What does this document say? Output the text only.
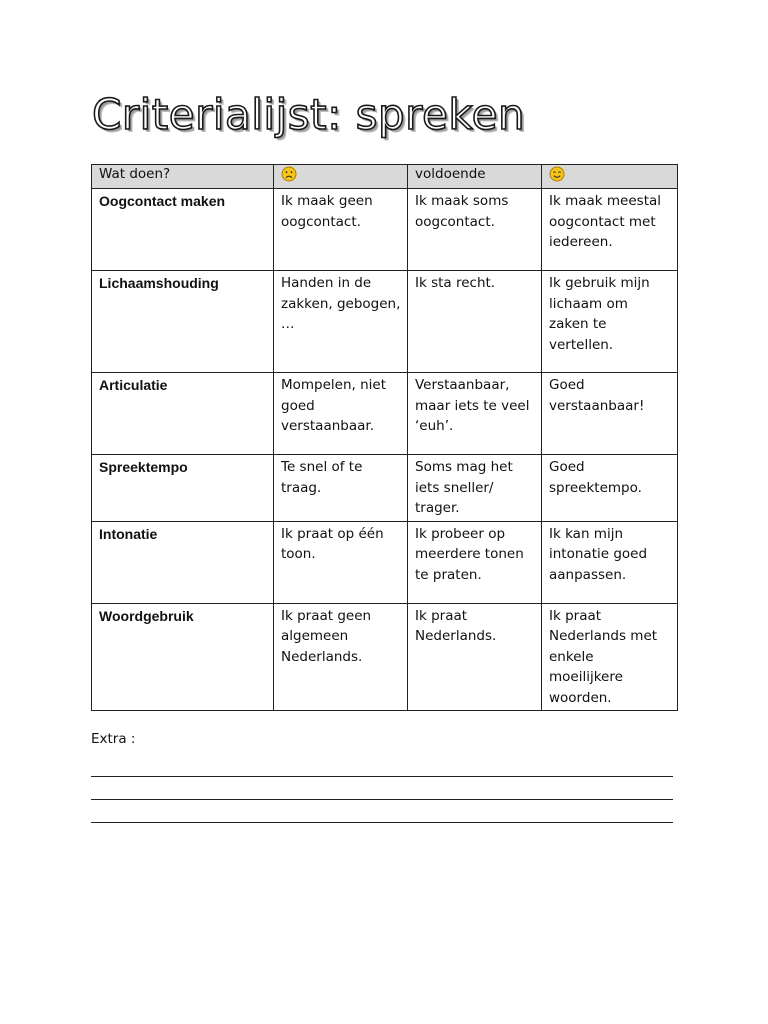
Criterialijst: spreken
Wat doen?		voldoende	
Oogcontact maken	Ik maak geen oogcontact.	Ik maak soms oogcontact.	Ik maak meestal oogcontact met iedereen.
Lichaamshouding	Handen in de zakken, gebogen, …	Ik sta recht.	Ik gebruik mijn lichaam om zaken te vertellen.
Articulatie	Mompelen, niet goed verstaanbaar.	Verstaanbaar, maar iets te veel ‘euh’.	Goed verstaanbaar!
Spreektempo	Te snel of te traag.	Soms mag het iets sneller/ trager.	Goed spreektempo.
Intonatie	Ik praat op één toon.	Ik probeer op meerdere tonen te praten.	Ik kan mijn intonatie goed aanpassen.
Woordgebruik	Ik praat geen algemeen Nederlands.	Ik praat Nederlands.	Ik praat Nederlands met enkele moeilijkere woorden.
Extra :
